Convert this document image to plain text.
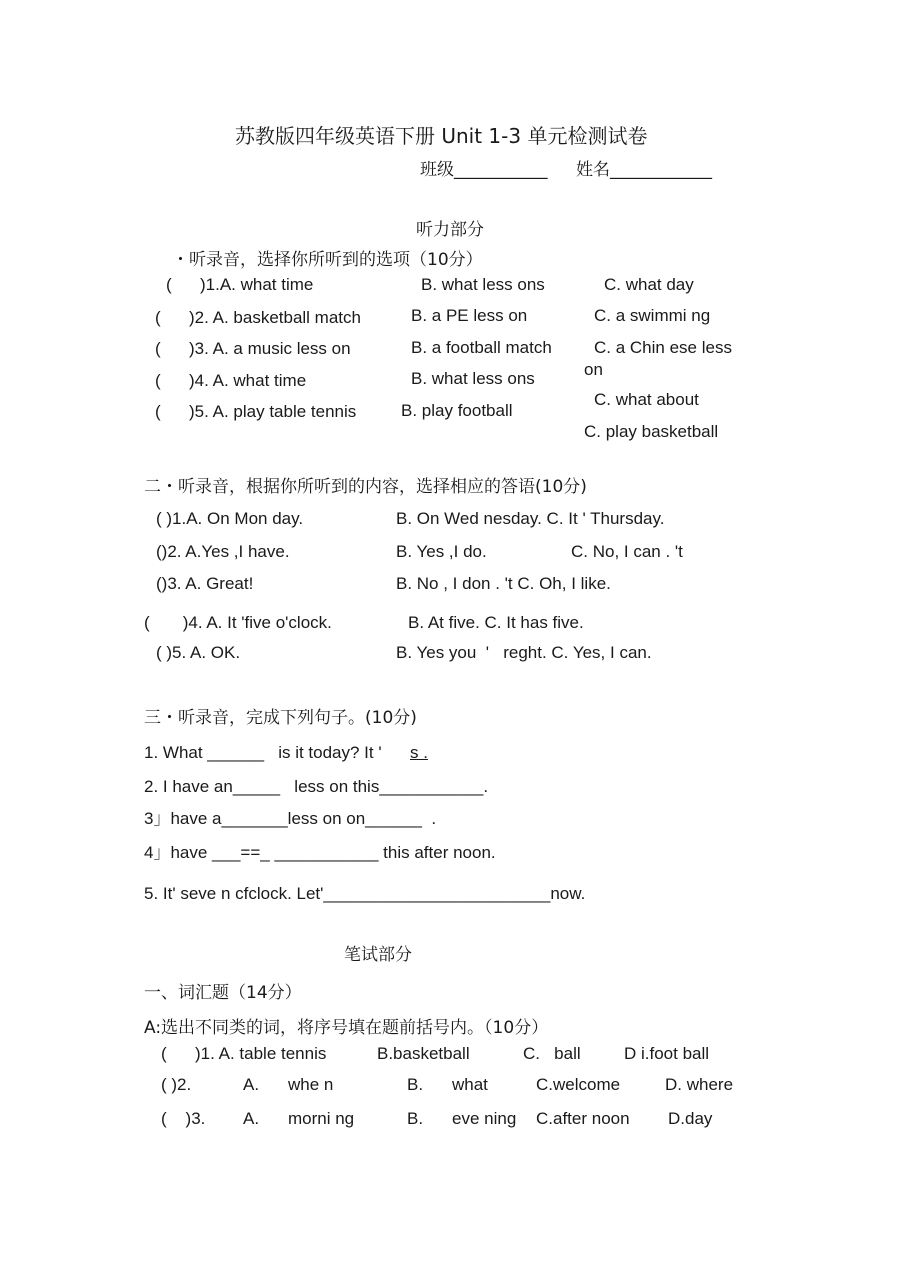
苏教版四年级英语下册 Unit 1-3 单元检测试卷
班级___________ 姓名____________
听力部分
・听录音，选择你所听到的选项（10分）
(      )1.A. what time	B. what less ons	C. what day
(      )2. A. basketball match	B. a PE less on	C. a swimmi ng
(      )3. A. a music less on	B. a football match C. a Chin ese less
on
(      )4. A. what time	B. what less ons
C. what about
(      )5. A. play table tennis	B. play football
C. play basketball
二・听录音，根据你所听到的内容，选择相应的答语(10分)
( )1.A. On Mon day.	B. On Wed nesday. C. It ' Thursday.
()2. A.Yes ,I have.	B. Yes ,I do.	C. No, I can . 't
()3. A. Great!	B. No , I don . 't C. Oh, I like.
(       )4. A. It 'five o'clock.	B. At five. C. It has five.
( )5. A. OK.	B. Yes you  '   reght. C. Yes, I can.
三・听录音，完成下列句子。(10分)
1. What ______   is it today? It ' s .
2. I have an_____   less on this___________.
3」have a_______less on on______  .
4」have ___==_ ___________ this after noon.
5. It' seve n cfclock. Let'________________________now.
笔试部分
一、词汇题（14分）
A:选出不同类的词，将序号填在题前括号内。（10分）
(      )1. A. table tennis	B.basketball	C.   ball	D i.foot ball
( )2.	A. whe n	B. what	C.welcome	D. where
(    )3. A. morni ng	B. eve ning C.after noon D.day
